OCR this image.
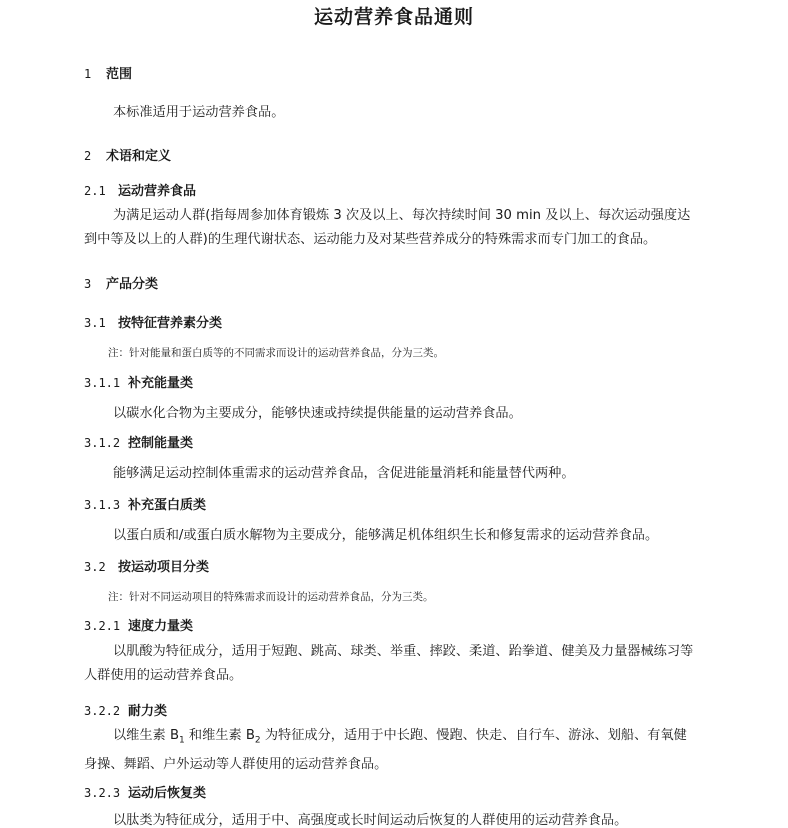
运动营养食品通则
1 范围
本标准适用于运动营养食品。
2 术语和定义
2.1 运动营养食品
为满足运动人群(指每周参加体育锻炼 3 次及以上、每次持续时间 30 min 及以上、每次运动强度达到中等及以上的人群)的生理代谢状态、运动能力及对某些营养成分的特殊需求而专门加工的食品。
3 产品分类
3.1 按特征营养素分类
注：针对能量和蛋白质等的不同需求而设计的运动营养食品，分为三类。
3.1.1 补充能量类
以碳水化合物为主要成分，能够快速或持续提供能量的运动营养食品。
3.1.2 控制能量类
能够满足运动控制体重需求的运动营养食品，含促进能量消耗和能量替代两种。
3.1.3 补充蛋白质类
以蛋白质和/或蛋白质水解物为主要成分，能够满足机体组织生长和修复需求的运动营养食品。
3.2 按运动项目分类
注：针对不同运动项目的特殊需求而设计的运动营养食品，分为三类。
3.2.1 速度力量类
以肌酸为特征成分，适用于短跑、跳高、球类、举重、摔跤、柔道、跆拳道、健美及力量器械练习等人群使用的运动营养食品。
3.2.2 耐力类
以维生素 $B_1$ 和维生素 $B_2$ 为特征成分，适用于中长跑、慢跑、快走、自行车、游泳、划船、有氧健身操、舞蹈、户外运动等人群使用的运动营养食品。
3.2.3 运动后恢复类
以肽类为特征成分，适用于中、高强度或长时间运动后恢复的人群使用的运动营养食品。
